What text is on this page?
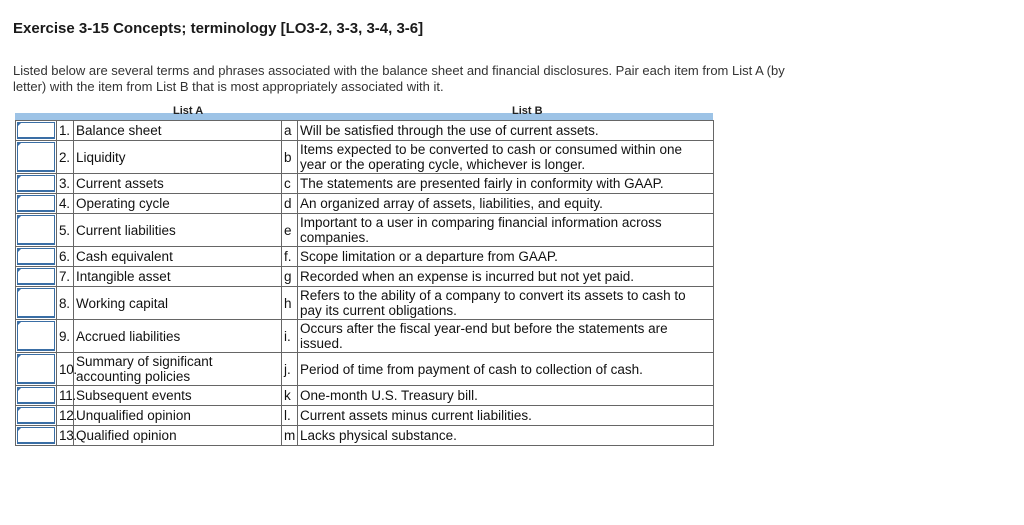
Exercise 3-15 Concepts; terminology [LO3-2, 3-3, 3-4, 3-6]
Listed below are several terms and phrases associated with the balance sheet and financial disclosures. Pair each item from List A (by letter) with the item from List B that is most appropriately associated with it.
List A	List B
	1.	Balance sheet	a	Will be satisfied through the use of current assets.

	2.	Liquidity	b	Items expected to be converted to cash or consumed within one year or the operating cycle, whichever is longer.

	3.	Current assets	c	The statements are presented fairly in conformity with GAAP.

	4.	Operating cycle	d	An organized array of assets, liabilities, and equity.

	5.	Current liabilities	e	Important to a user in comparing financial information across companies.

	6.	Cash equivalent	f.	Scope limitation or a departure from GAAP.

	7.	Intangible asset	g	Recorded when an expense is incurred but not yet paid.

	8.	Working capital	h	Refers to the ability of a company to convert its assets to cash to pay its current obligations.

	9.	Accrued liabilities	i.	Occurs after the fiscal year-end but before the statements are issued.

	10.	Summary of significant accounting policies	j.	Period of time from payment of cash to collection of cash.

	11.	Subsequent events	k	One-month U.S. Treasury bill.

	12.	Unqualified opinion	l.	Current assets minus current liabilities.

	13.	Qualified opinion	m	Lacks physical substance.
